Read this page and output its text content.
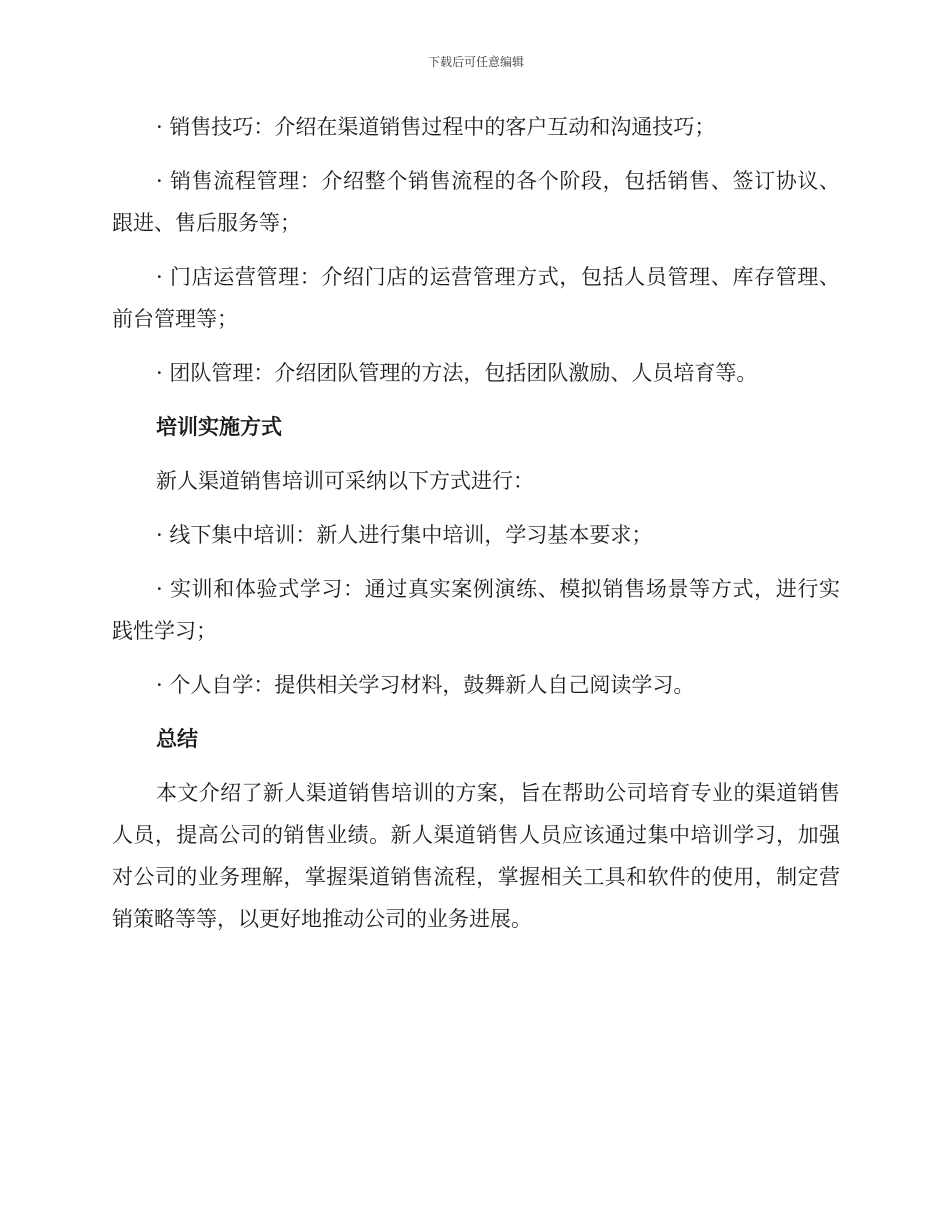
下载后可任意编辑

· 销售技巧：介绍在渠道销售过程中的客户互动和沟通技巧；

· 销售流程管理：介绍整个销售流程的各个阶段，包括销售、签订协议、跟进、售后服务等；

· 门店运营管理：介绍门店的运营管理方式，包括人员管理、库存管理、前台管理等；

· 团队管理：介绍团队管理的方法，包括团队激励、人员培育等。

培训实施方式

新人渠道销售培训可采纳以下方式进行：

· 线下集中培训：新人进行集中培训，学习基本要求；

· 实训和体验式学习：通过真实案例演练、模拟销售场景等方式，进行实践性学习；

· 个人自学：提供相关学习材料，鼓舞新人自己阅读学习。

总结

本文介绍了新人渠道销售培训的方案，旨在帮助公司培育专业的渠道销售人员，提高公司的销售业绩。新人渠道销售人员应该通过集中培训学习，加强对公司的业务理解，掌握渠道销售流程，掌握相关工具和软件的使用，制定营销策略等等，以更好地推动公司的业务进展。
